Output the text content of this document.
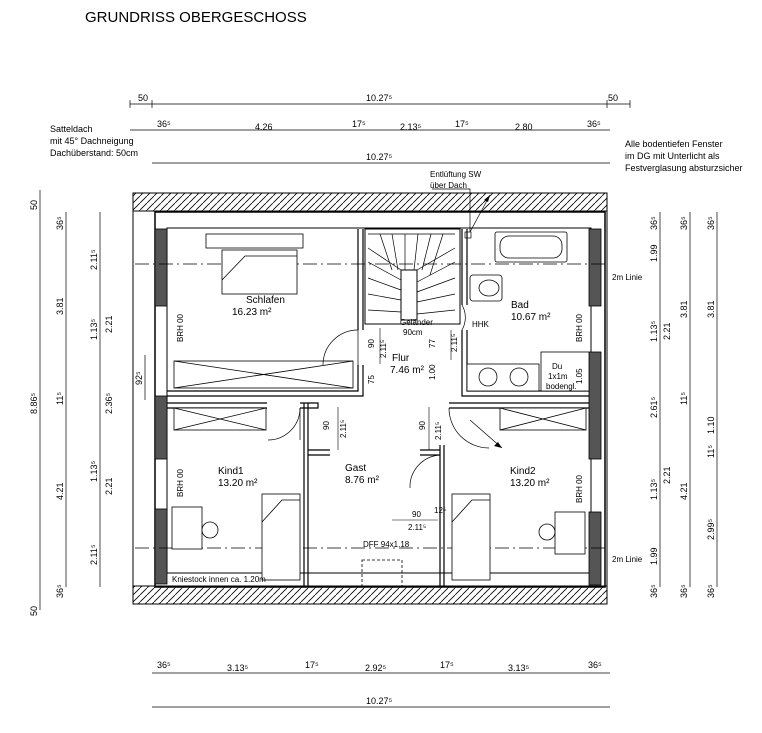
GRUNDRISS OBERGESCHOSS
Satteldach
mit 45° Dachneigung
Dachüberstand: 50cm
Alle bodentiefen Fenster
im DG mit Unterlicht als
Festverglasung absturzsicher
Entlüftung SW
über Dach
2m Linie
2m Linie
Schlafen
16.23 m²
Flur
7.46 m²
Bad
10.67 m²
Kind1
13.20 m²
Gast
8.76 m²
Kind2
13.20 m²
Geländer
90cm
HHK
Du
1x1m
bodengl.
DFF 94x1.18
Kniestock innen ca. 1.20m
BRH 00
BRH 00
BRH 00
BRH 00
2.11⁵	77
90
75	1.00
2.11⁵
90 2.11⁵	90 2.11⁵
90 12⁵
1.05
2.11⁵
50	10.27⁵	50
36⁵	4.26	17⁵	2.13⁵	17⁵	2.80	36⁵
10.27⁵
36⁵	3.13⁵	17⁵	2.92⁵	17⁵	3.13⁵	36⁵
10.27⁵
50
8.86⁵
50
36⁵
3.81
11⁵
4.21
36⁵
2.11⁵
1.13⁵
92⁵
1.13⁵
2.11⁵
2.21
2.36⁵
2.21
36⁵
1.99
1.13⁵
2.61⁵
1.13⁵
1.99
36⁵
36⁵
3.81
2.21
11⁵
2.21
4.21
36⁵
36⁵
3.81
1.10
11⁵
2.99⁵
36⁵
